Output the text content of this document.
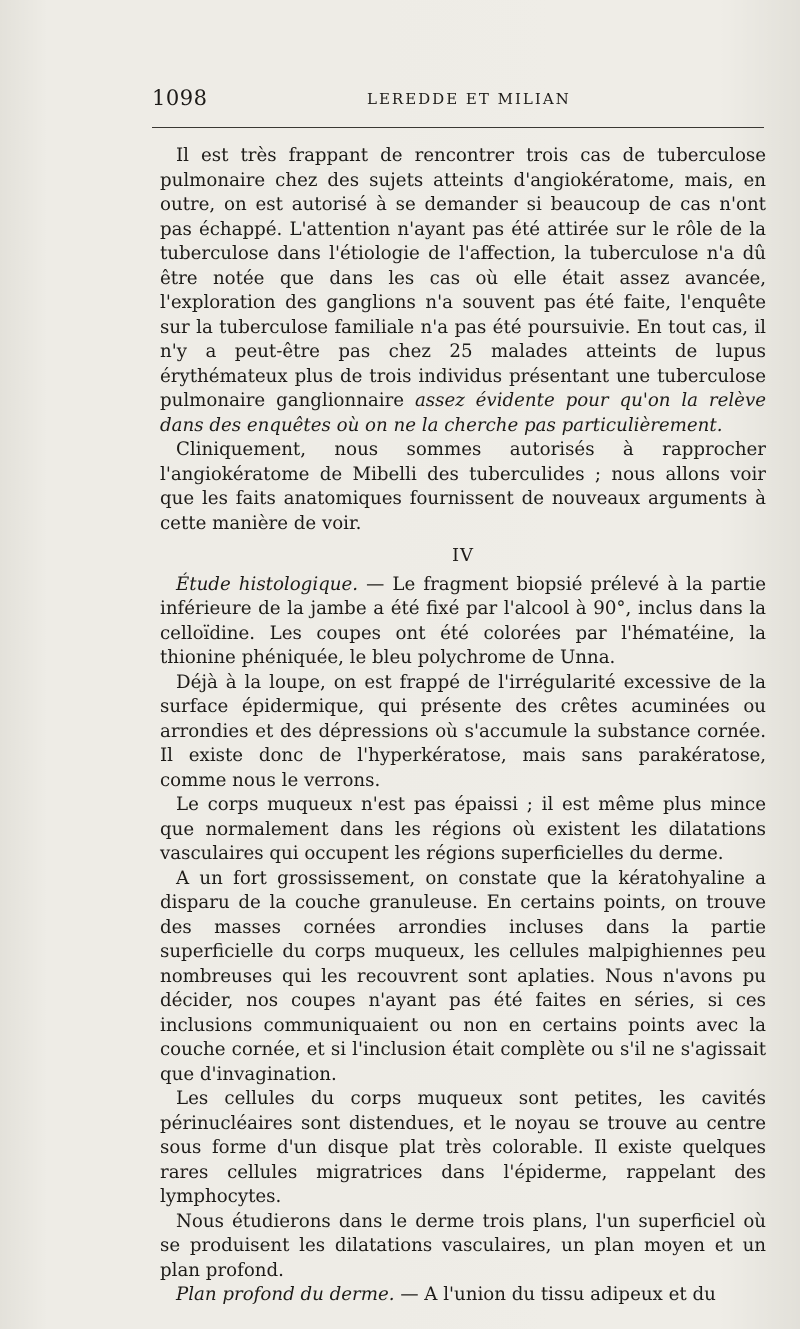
1098	LEREDDE ET MILIAN

Il est très frappant de rencontrer trois cas de tuberculose pulmonaire chez des sujets atteints d'angiokératome, mais, en outre, on est autorisé à se demander si beaucoup de cas n'ont pas échappé. L'attention n'ayant pas été attirée sur le rôle de la tuberculose dans l'étiologie de l'affection, la tuberculose n'a dû être notée que dans les cas où elle était assez avancée, l'exploration des ganglions n'a souvent pas été faite, l'enquête sur la tuberculose familiale n'a pas été poursuivie. En tout cas, il n'y a peut-être pas chez 25 malades atteints de lupus érythémateux plus de trois individus présentant une tuberculose pulmonaire ganglionnaire assez évidente pour qu'on la relève dans des enquêtes où on ne la cherche pas particulièrement.

Cliniquement, nous sommes autorisés à rapprocher l'angiokératome de Mibelli des tuberculides ; nous allons voir que les faits anatomiques fournissent de nouveaux arguments à cette manière de voir.

IV

Étude histologique. — Le fragment biopsié prélevé à la partie inférieure de la jambe a été fixé par l'alcool à 90°, inclus dans la celloïdine. Les coupes ont été colorées par l'hématéine, la thionine phéniquée, le bleu polychrome de Unna.

Déjà à la loupe, on est frappé de l'irrégularité excessive de la surface épidermique, qui présente des crêtes acuminées ou arrondies et des dépressions où s'accumule la substance cornée. Il existe donc de l'hyperkératose, mais sans parakératose, comme nous le verrons.

Le corps muqueux n'est pas épaissi ; il est même plus mince que normalement dans les régions où existent les dilatations vasculaires qui occupent les régions superficielles du derme.

A un fort grossissement, on constate que la kératohyaline a disparu de la couche granuleuse. En certains points, on trouve des masses cornées arrondies incluses dans la partie superficielle du corps muqueux, les cellules malpighiennes peu nombreuses qui les recouvrent sont aplaties. Nous n'avons pu décider, nos coupes n'ayant pas été faites en séries, si ces inclusions communiquaient ou non en certains points avec la couche cornée, et si l'inclusion était complète ou s'il ne s'agissait que d'invagination.

Les cellules du corps muqueux sont petites, les cavités périnucléaires sont distendues, et le noyau se trouve au centre sous forme d'un disque plat très colorable. Il existe quelques rares cellules migratrices dans l'épiderme, rappelant des lymphocytes.

Nous étudierons dans le derme trois plans, l'un superficiel où se produisent les dilatations vasculaires, un plan moyen et un plan profond.

Plan profond du derme. — A l'union du tissu adipeux et du
